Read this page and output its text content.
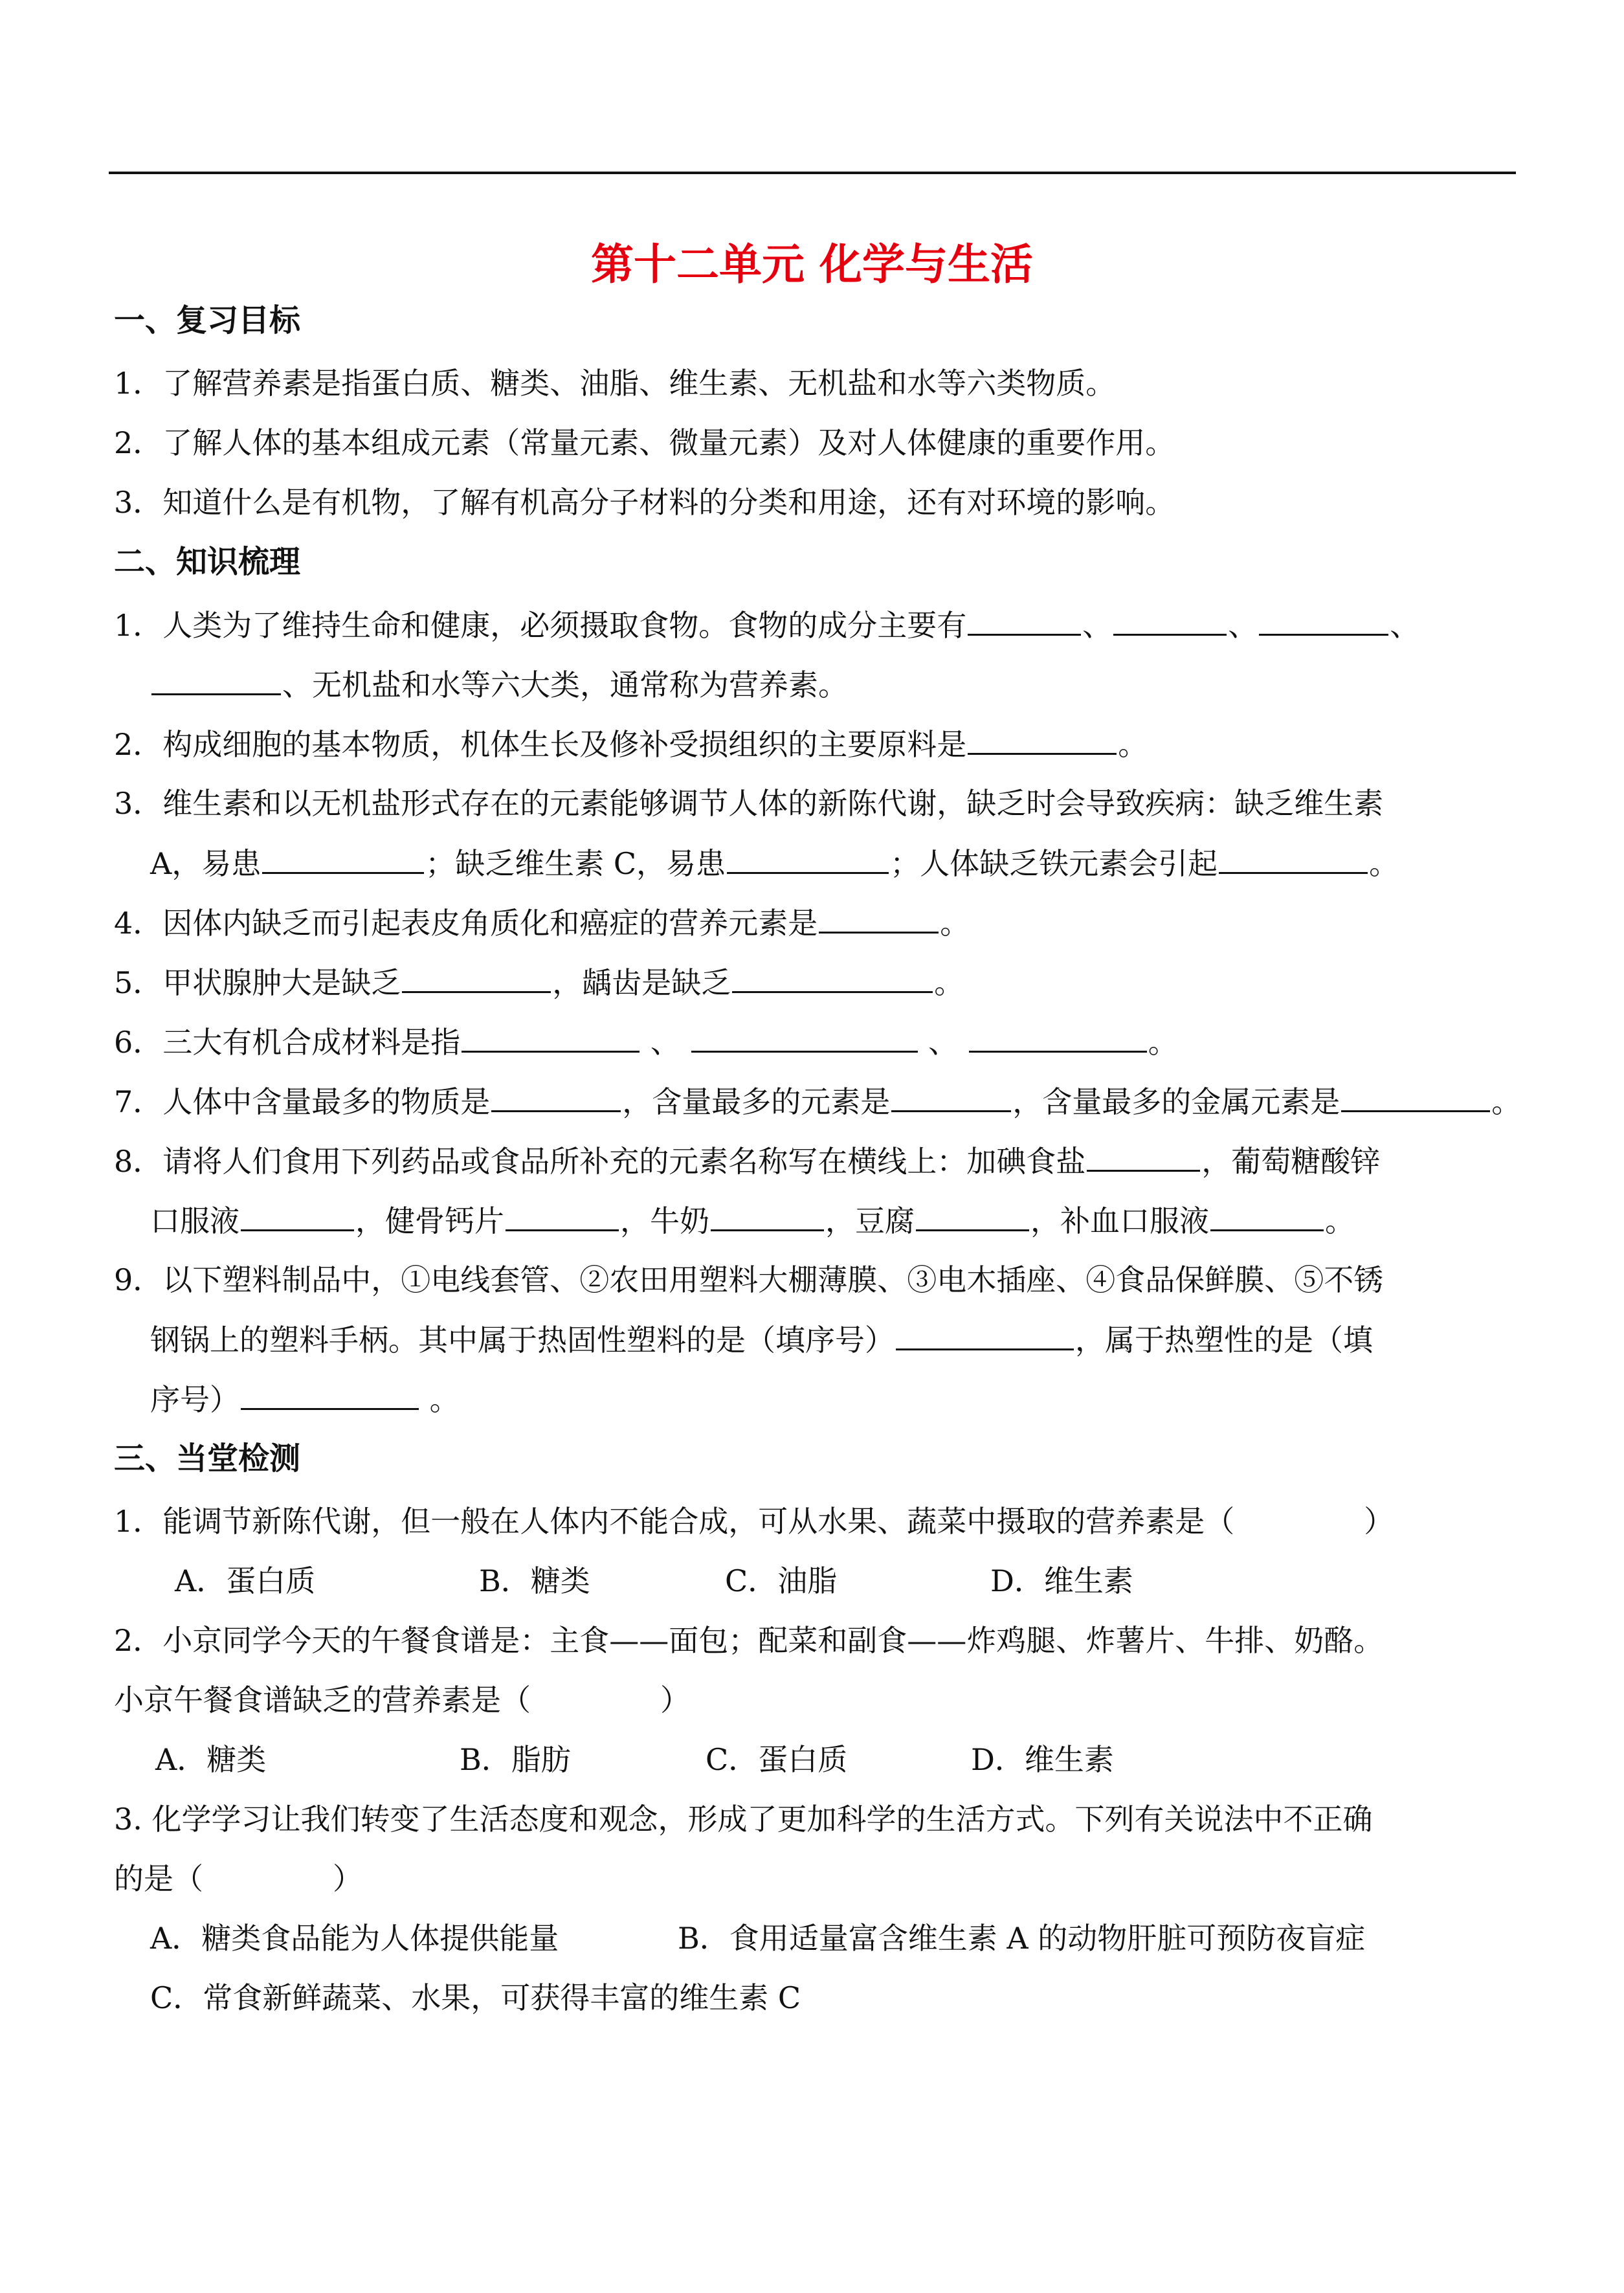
第十二单元 化学与生活
一、复习目标
1．了解营养素是指蛋白质、糖类、油脂、维生素、无机盐和水等六类物质。
2．了解人体的基本组成元素（常量元素、微量元素）及对人体健康的重要作用。
3．知道什么是有机物，了解有机高分子材料的分类和用途，还有对环境的影响。
二、知识梳理
1．人类为了维持生命和健康，必须摄取食物。食物的成分主要有	、	、	、
、无机盐和水等六大类，通常称为营养素。
2．构成细胞的基本物质，机体生长及修补受损组织的主要原料是	。
3．维生素和以无机盐形式存在的元素能够调节人体的新陈代谢，缺乏时会导致疾病：缺乏维生素
A，易患	；缺乏维生素 C，易患	；人体缺乏铁元素会引起	。
4．因体内缺乏而引起表皮角质化和癌症的营养元素是	。
5．甲状腺肿大是缺乏	，龋齿是缺乏	。
6．三大有机合成材料是指	、	、	。
7．人体中含量最多的物质是	，含量最多的元素是	，含量最多的金属元素是	。
8．请将人们食用下列药品或食品所补充的元素名称写在横线上：加碘食盐	，葡萄糖酸锌
口服液	，健骨钙片	，牛奶	，豆腐	，补血口服液	。
9．以下塑料制品中，①电线套管、②农田用塑料大棚薄膜、③电木插座、④食品保鲜膜、⑤不锈
钢锅上的塑料手柄。其中属于热固性塑料的是（填序号）	，属于热塑性的是（填
序号）	。
三、当堂检测
1．能调节新陈代谢，但一般在人体内不能合成，可从水果、蔬菜中摄取的营养素是（	）
A．蛋白质	B．糖类	C．油脂	D．维生素
2．小京同学今天的午餐食谱是：主食——面包；配菜和副食——炸鸡腿、炸薯片、牛排、奶酪。
小京午餐食谱缺乏的营养素是（	）
A．糖类	B．脂肪	C．蛋白质	D．维生素
3. 化学学习让我们转变了生活态度和观念，形成了更加科学的生活方式。下列有关说法中不正确
的是（	）
A．糖类食品能为人体提供能量	B．食用适量富含维生素 A 的动物肝脏可预防夜盲症
C．常食新鲜蔬菜、水果，可获得丰富的维生素 C
